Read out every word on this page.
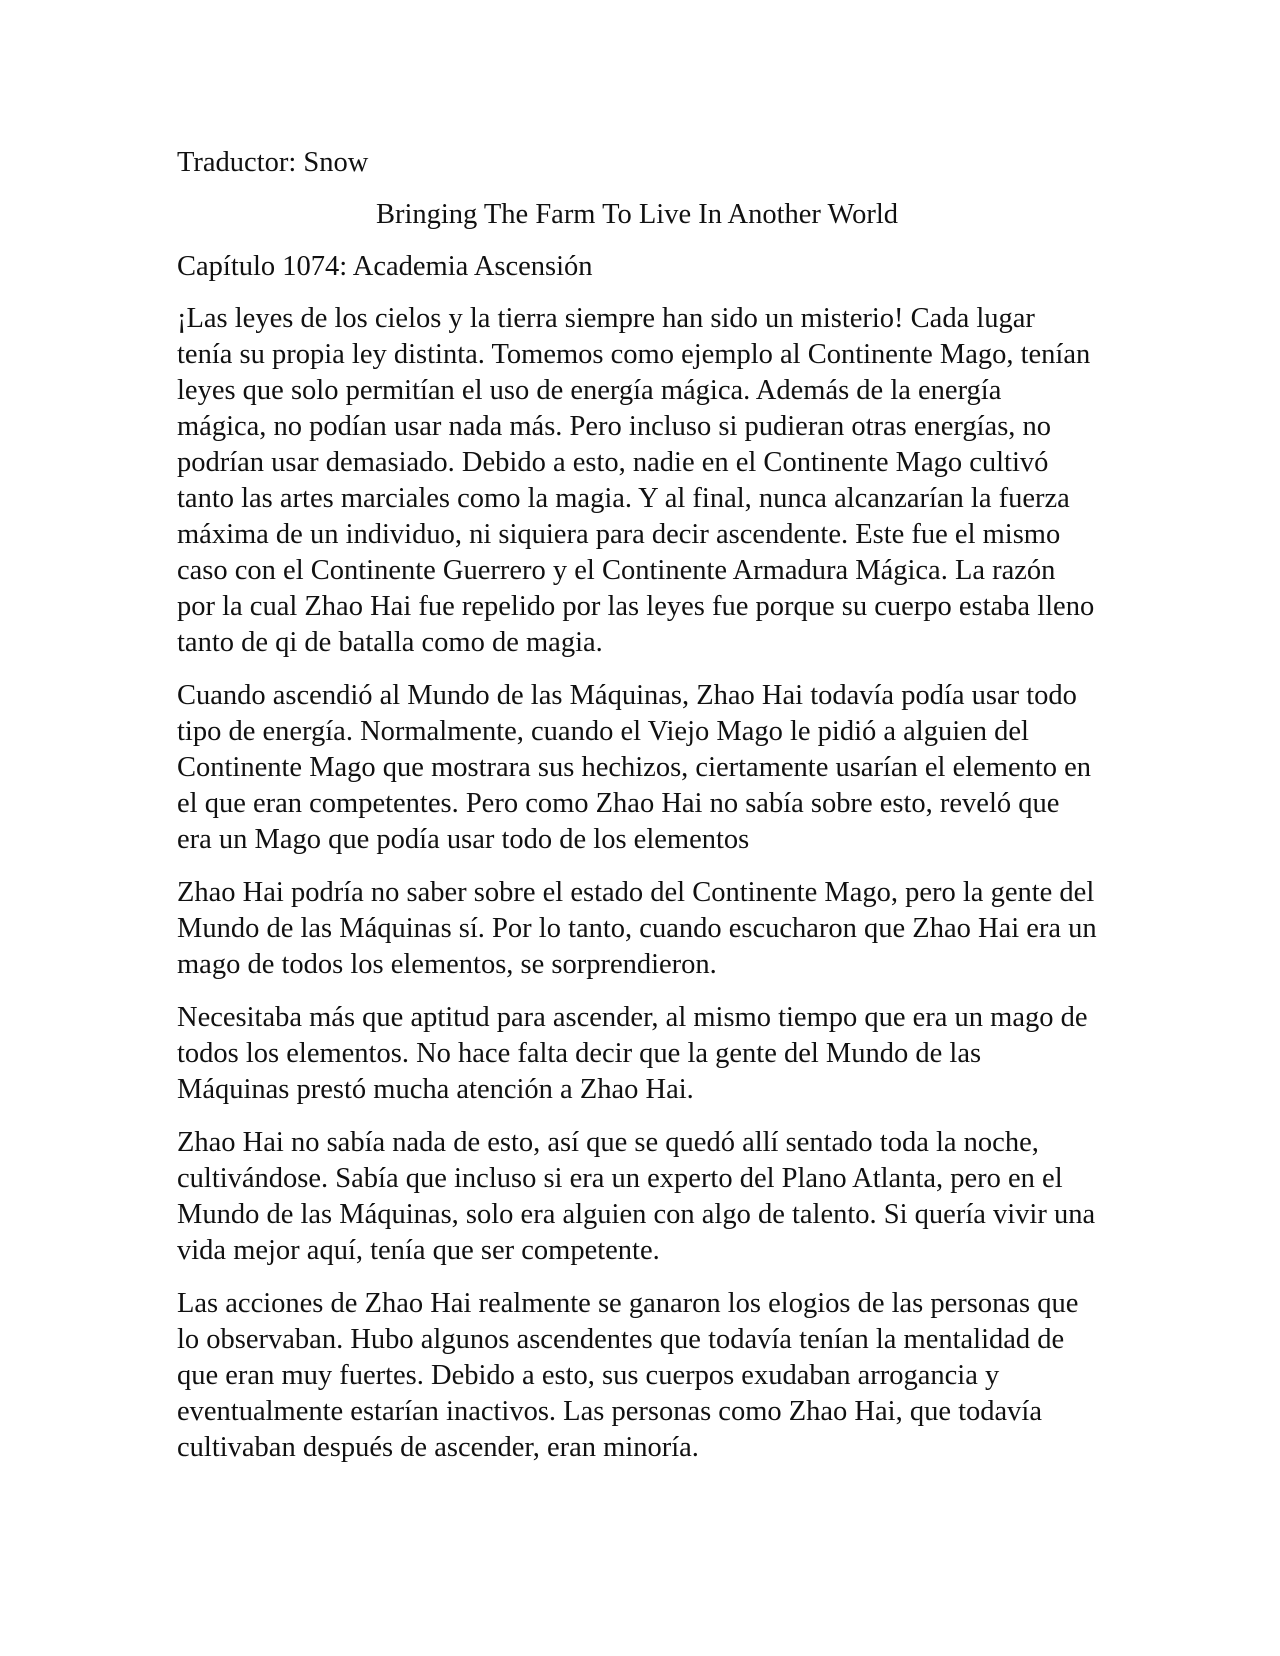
Traductor: Snow

Bringing The Farm To Live In Another World

Capítulo 1074: Academia Ascensión

¡Las leyes de los cielos y la tierra siempre han sido un misterio! Cada lugar tenía su propia ley distinta. Tomemos como ejemplo al Continente Mago, tenían leyes que solo permitían el uso de energía mágica. Además de la energía mágica, no podían usar nada más. Pero incluso si pudieran otras energías, no podrían usar demasiado. Debido a esto, nadie en el Continente Mago cultivó tanto las artes marciales como la magia. Y al final, nunca alcanzarían la fuerza máxima de un individuo, ni siquiera para decir ascendente. Este fue el mismo caso con el Continente Guerrero y el Continente Armadura Mágica. La razón por la cual Zhao Hai fue repelido por las leyes fue porque su cuerpo estaba lleno tanto de qi de batalla como de magia.

Cuando ascendió al Mundo de las Máquinas, Zhao Hai todavía podía usar todo tipo de energía. Normalmente, cuando el Viejo Mago le pidió a alguien del Continente Mago que mostrara sus hechizos, ciertamente usarían el elemento en el que eran competentes. Pero como Zhao Hai no sabía sobre esto, reveló que era un Mago que podía usar todo de los elementos

Zhao Hai podría no saber sobre el estado del Continente Mago, pero la gente del Mundo de las Máquinas sí. Por lo tanto, cuando escucharon que Zhao Hai era un mago de todos los elementos, se sorprendieron.

Necesitaba más que aptitud para ascender, al mismo tiempo que era un mago de todos los elementos. No hace falta decir que la gente del Mundo de las Máquinas prestó mucha atención a Zhao Hai.

Zhao Hai no sabía nada de esto, así que se quedó allí sentado toda la noche, cultivándose. Sabía que incluso si era un experto del Plano Atlanta, pero en el Mundo de las Máquinas, solo era alguien con algo de talento. Si quería vivir una vida mejor aquí, tenía que ser competente.

Las acciones de Zhao Hai realmente se ganaron los elogios de las personas que lo observaban. Hubo algunos ascendentes que todavía tenían la mentalidad de que eran muy fuertes. Debido a esto, sus cuerpos exudaban arrogancia y eventualmente estarían inactivos. Las personas como Zhao Hai, que todavía cultivaban después de ascender, eran minoría.
